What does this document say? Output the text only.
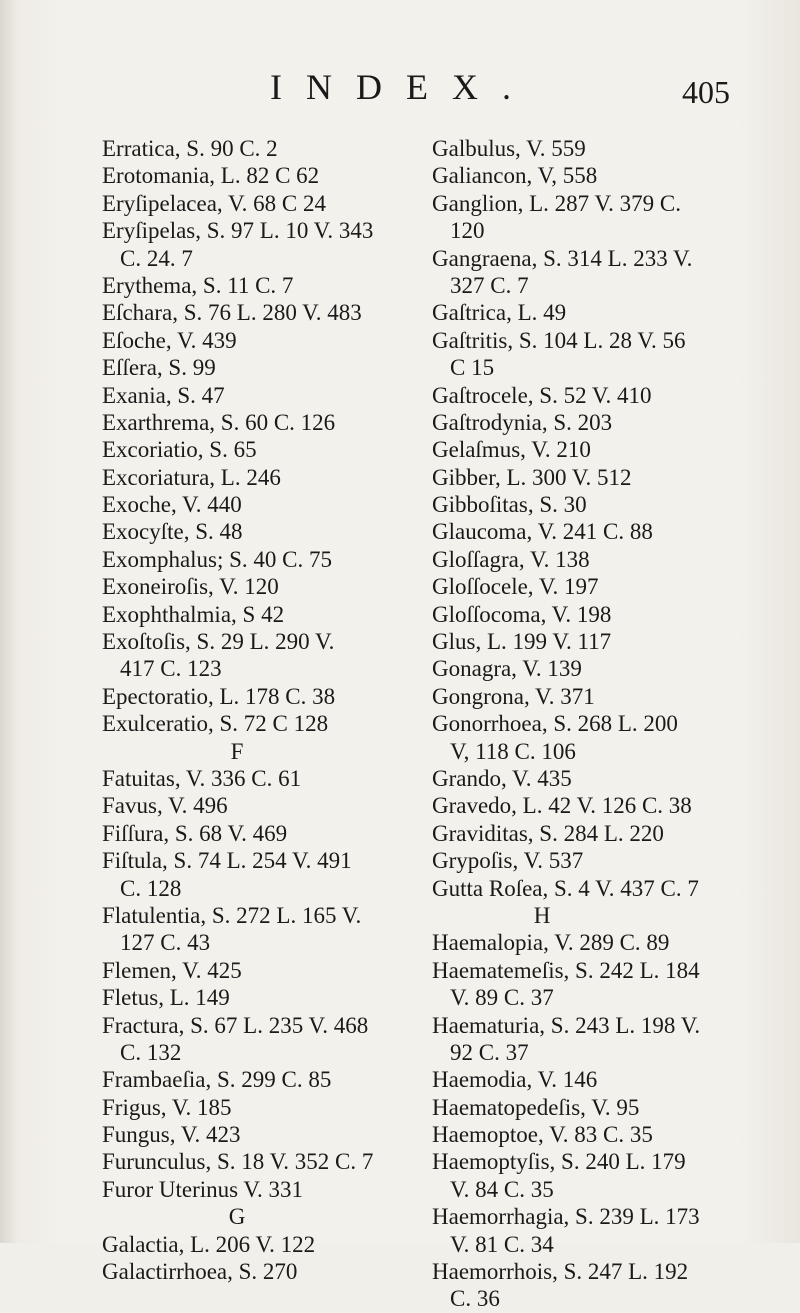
INDEX.	405
Erratica, S. 90 C. 2
Erotomania, L. 82 C 62
Eryſipelacea, V. 68 C 24
Eryſipelas, S. 97 L. 10 V. 343
C. 24. 7
Erythema, S. 11 C. 7
Eſchara, S. 76 L. 280 V. 483
Eſoche, V. 439
Eſſera, S. 99
Exania, S. 47
Exarthrema, S. 60 C. 126
Excoriatio, S. 65
Excoriatura, L. 246
Exoche, V. 440
Exocyſte, S. 48
Exomphalus; S. 40 C. 75
Exoneiroſis, V. 120
Exophthalmia, S 42
Exoſtoſis, S. 29 L. 290 V.
417 C. 123
Epectoratio, L. 178 C. 38
Exulceratio, S. 72 C 128
F
Fatuitas, V. 336 C. 61
Favus, V. 496
Fiſſura, S. 68 V. 469
Fiſtula, S. 74 L. 254 V. 491
C. 128
Flatulentia, S. 272 L. 165 V.
127 C. 43
Flemen, V. 425
Fletus, L. 149
Fractura, S. 67 L. 235 V. 468
C. 132
Frambaeſia, S. 299 C. 85
Frigus, V. 185
Fungus, V. 423
Furunculus, S. 18 V. 352 C. 7
Furor Uterinus V. 331
G
Galactia, L. 206 V. 122
Galactirrhoea, S. 270
Galbulus, V. 559
Galiancon, V, 558
Ganglion, L. 287 V. 379 C.
120
Gangraena, S. 314 L. 233 V.
327 C. 7
Gaſtrica, L. 49
Gaſtritis, S. 104 L. 28 V. 56
C 15
Gaſtrocele, S. 52 V. 410
Gaſtrodynia, S. 203
Gelaſmus, V. 210
Gibber, L. 300 V. 512
Gibboſitas, S. 30
Glaucoma, V. 241 C. 88
Gloſſagra, V. 138
Gloſſocele, V. 197
Gloſſocoma, V. 198
Glus, L. 199 V. 117
Gonagra, V. 139
Gongrona, V. 371
Gonorrhoea, S. 268 L. 200
V, 118 C. 106
Grando, V. 435
Gravedo, L. 42 V. 126 C. 38
Graviditas, S. 284 L. 220
Grypoſis, V. 537
Gutta Roſea, S. 4 V. 437 C. 7
H
Haemalopia, V. 289 C. 89
Haematemeſis, S. 242 L. 184
V. 89 C. 37
Haematuria, S. 243 L. 198 V.
92 C. 37
Haemodia, V. 146
Haematopedeſis, V. 95
Haemoptoe, V. 83 C. 35
Haemoptyſis, S. 240 L. 179
V. 84 C. 35
Haemorrhagia, S. 239 L. 173
V. 81 C. 34
Haemorrhois, S. 247 L. 192
C. 36
